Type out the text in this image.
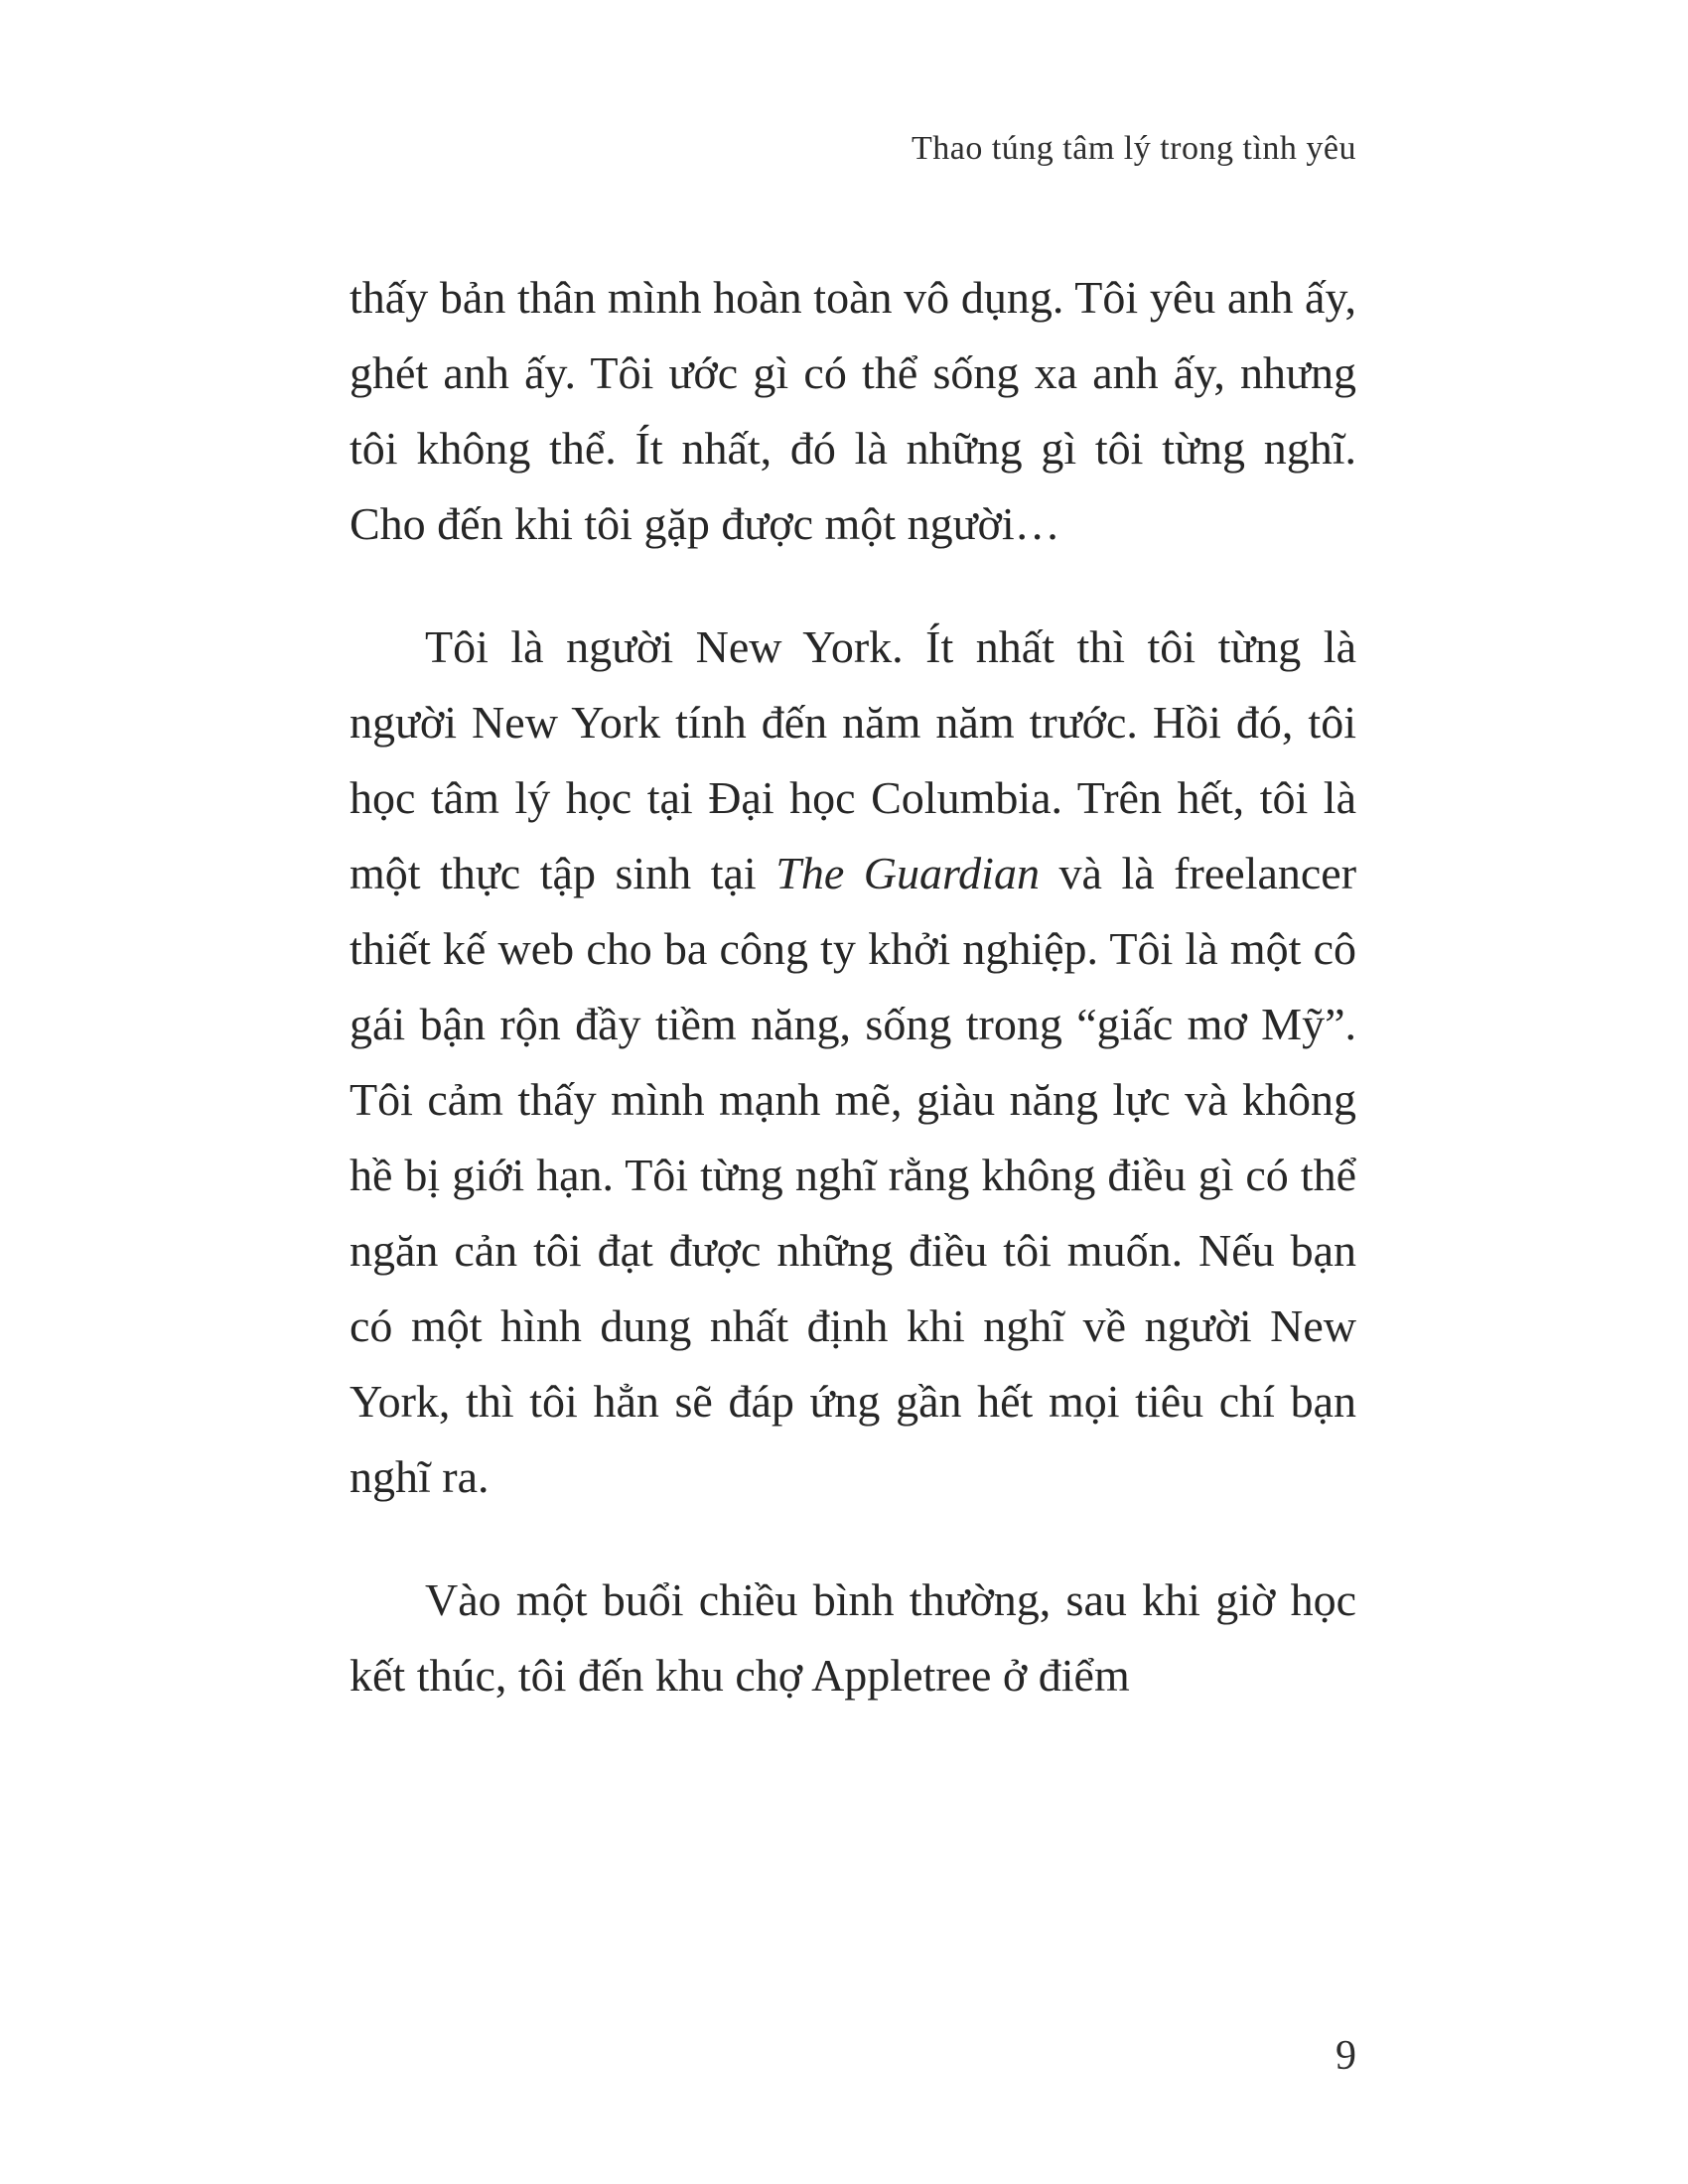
Thao túng tâm lý trong tình yêu

thấy bản thân mình hoàn toàn vô dụng. Tôi yêu anh ấy, ghét anh ấy. Tôi ước gì có thể sống xa anh ấy, nhưng tôi không thể. Ít nhất, đó là những gì tôi từng nghĩ. Cho đến khi tôi gặp được một người…

Tôi là người New York. Ít nhất thì tôi từng là người New York tính đến năm năm trước. Hồi đó, tôi học tâm lý học tại Đại học Columbia. Trên hết, tôi là một thực tập sinh tại The Guardian và là freelancer thiết kế web cho ba công ty khởi nghiệp. Tôi là một cô gái bận rộn đầy tiềm năng, sống trong “giấc mơ Mỹ”. Tôi cảm thấy mình mạnh mẽ, giàu năng lực và không hề bị giới hạn. Tôi từng nghĩ rằng không điều gì có thể ngăn cản tôi đạt được những điều tôi muốn. Nếu bạn có một hình dung nhất định khi nghĩ về người New York, thì tôi hẳn sẽ đáp ứng gần hết mọi tiêu chí bạn nghĩ ra.

Vào một buổi chiều bình thường, sau khi giờ học kết thúc, tôi đến khu chợ Appletree ở điểm

9
